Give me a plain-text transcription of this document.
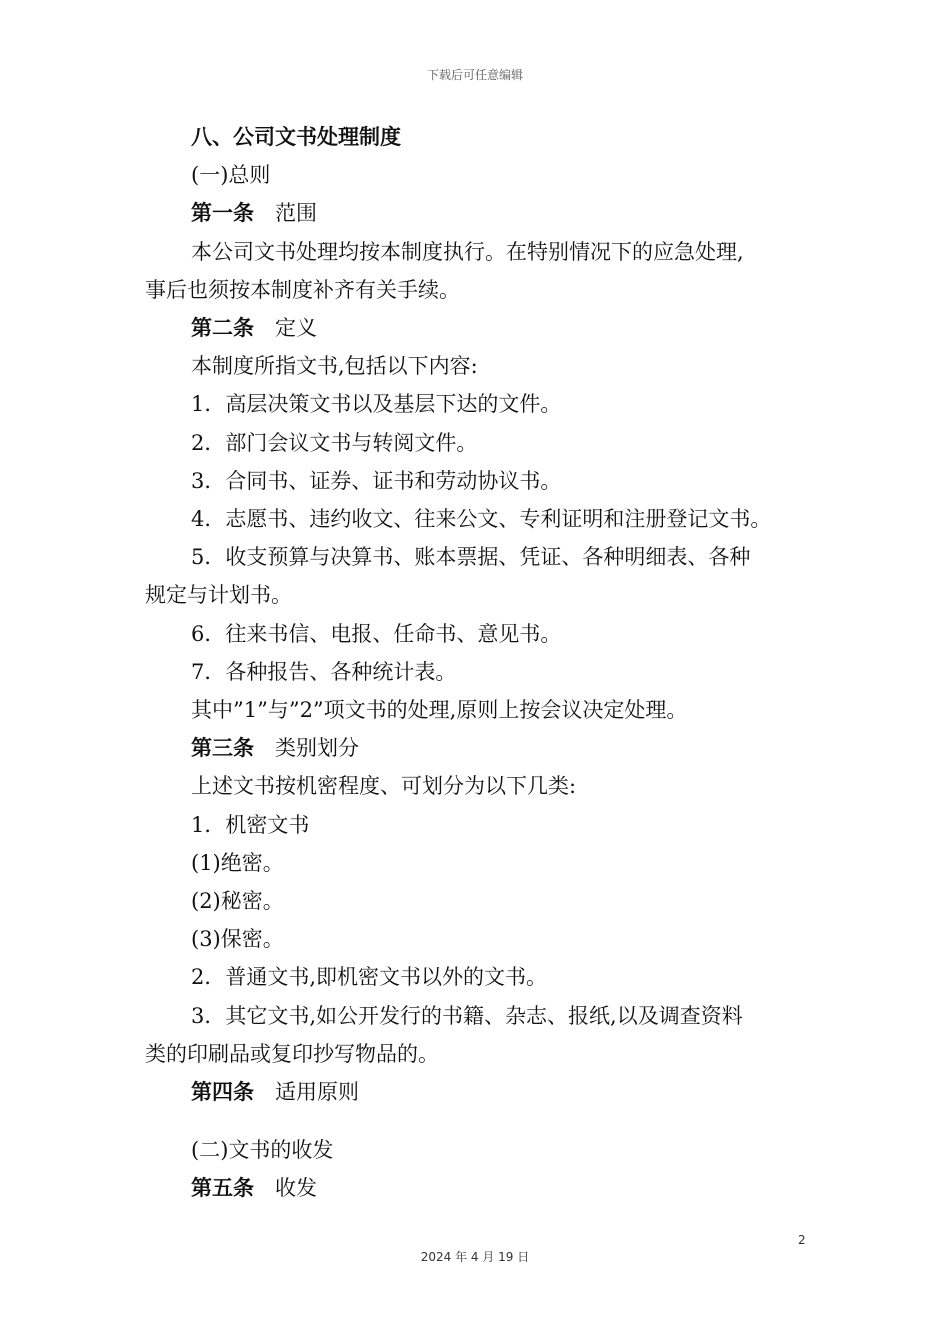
下载后可任意编辑
八、公司文书处理制度
(一)总则
第一条　 范围
本公司文书处理均按本制度执行。在特别情况下的应急处理,
事后也须按本制度补齐有关手续。
第二条　 定义
本制度所指文书,包括以下内容:
1．高层决策文书以及基层下达的文件。
2．部门会议文书与转阅文件。
3．合同书、证券、证书和劳动协议书。
4．志愿书、违约收文、往来公文、专利证明和注册登记文书。
5．收支预算与决算书、账本票据、凭证、各种明细表、各种
规定与计划书。
6．往来书信、电报、任命书、意见书。
7．各种报告、各种统计表。
其中”1”与”2”项文书的处理,原则上按会议决定处理。
第三条　 类别划分
上述文书按机密程度、可划分为以下几类:
1．机密文书
(1)绝密。
(2)秘密。
(3)保密。
2．普通文书,即机密文书以外的文书。
3．其它文书,如公开发行的书籍、杂志、报纸,以及调查资料
类的印刷品或复印抄写物品的。
第四条　 适用原则
(二)文书的收发
第五条　 收发
2
2024 年 4 月 19 日
